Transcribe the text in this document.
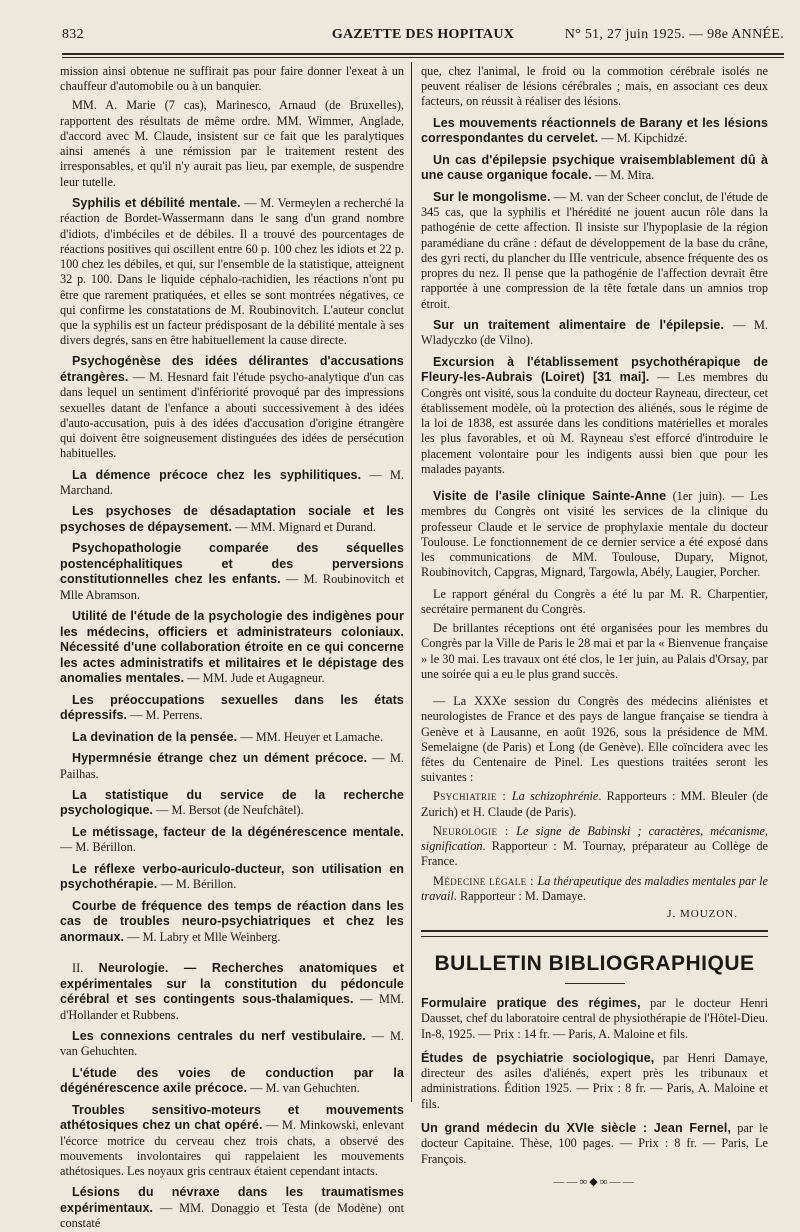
832	GAZETTE DES HOPITAUX	N° 51, 27 juin 1925. — 98e ANNÉE.

mission ainsi obtenue ne suffirait pas pour faire donner l'exeat à un chauffeur d'automobile ou à un banquier.

MM. A. Marie (7 cas), Marinesco, Arnaud (de Bruxelles), rapportent des résultats de même ordre. MM. Wimmer, Anglade, d'accord avec M. Claude, insistent sur ce fait que les paralytiques ainsi amenés à une rémission par le traitement restent des irresponsables, et qu'il n'y aurait pas lieu, par exemple, de suspendre leur tutelle.

Syphilis et débilité mentale. — M. Vermeylen a recherché la réaction de Bordet-Wassermann dans le sang d'un grand nombre d'idiots, d'imbéciles et de débiles. Il a trouvé des pourcentages de réactions positives qui oscillent entre 60 p. 100 chez les idiots et 22 p. 100 chez les débiles, et qui, sur l'ensemble de la statistique, atteignent 32 p. 100. Dans le liquide céphalo-rachidien, les réactions n'ont pu être que rarement pratiquées, et elles se sont montrées négatives, ce qui confirme les constatations de M. Roubinovitch. L'auteur conclut que la syphilis est un facteur prédisposant de la débilité mentale à ses divers degrés, sans en être habituellement la cause directe.

Psychogénèse des idées délirantes d'accusations étrangères. — M. Hesnard fait l'étude psycho-analytique d'un cas dans lequel un sentiment d'infériorité provoqué par des impressions sexuelles datant de l'enfance a abouti successivement à des idées d'auto-accusation, puis à des idées d'accusation d'origine étrangère qui doivent être soigneusement distinguées des idées de persécution habituelles.

La démence précoce chez les syphilitiques. — M. Marchand.

Les psychoses de désadaptation sociale et les psychoses de dépaysement. — MM. Mignard et Durand.

Psychopathologie comparée des séquelles postencéphalitiques et des perversions constitutionnelles chez les enfants. — M. Roubinovitch et Mlle Abramson.

Utilité de l'étude de la psychologie des indigènes pour les médecins, officiers et administrateurs coloniaux. Nécessité d'une collaboration étroite en ce qui concerne les actes administratifs et militaires et le dépistage des anomalies mentales. — MM. Jude et Augagneur.

Les préoccupations sexuelles dans les états dépressifs. — M. Perrens.

La devination de la pensée. — MM. Heuyer et Lamache.

Hypermnésie étrange chez un dément précoce. — M. Pailhas.

La statistique du service de la recherche psychologique. — M. Bersot (de Neufchâtel).

Le métissage, facteur de la dégénérescence mentale. — M. Bérillon.

Le réflexe verbo-auriculo-ducteur, son utilisation en psychothérapie. — M. Bérillon.

Courbe de fréquence des temps de réaction dans les cas de troubles neuro-psychiatriques et chez les anormaux. — M. Labry et Mlle Weinberg.

II. Neurologie. — Recherches anatomiques et expérimentales sur la constitution du pédoncule cérébral et ses contingents sous-thalamiques. — MM. d'Hollander et Rubbens.

Les connexions centrales du nerf vestibulaire. — M. van Gehuchten.

L'étude des voies de conduction par la dégénérescence axile précoce. — M. van Gehuchten.

Troubles sensitivo-moteurs et mouvements athétosiques chez un chat opéré. — M. Minkowski, enlevant l'écorce motrice du cerveau chez trois chats, a observé des mouvements involontaires qui rappelaient les mouvements athétosiques. Les noyaux gris centraux étaient cependant intacts.

Lésions du névraxe dans les traumatismes expérimentaux. — MM. Donaggio et Testa (de Modène) ont constaté

que, chez l'animal, le froid ou la commotion cérébrale isolés ne peuvent réaliser de lésions cérébrales ; mais, en associant ces deux facteurs, on réussit à réaliser des lésions.

Les mouvements réactionnels de Barany et les lésions correspondantes du cervelet. — M. Kipchidzé.

Un cas d'épilepsie psychique vraisemblablement dû à une cause organique focale. — M. Mira.

Sur le mongolisme. — M. van der Scheer conclut, de l'étude de 345 cas, que la syphilis et l'hérédité ne jouent aucun rôle dans la pathogénie de cette affection. Il insiste sur l'hypoplasie de la région paramédiane du crâne : défaut de développement de la base du crâne, des gyri recti, du plancher du IIIe ventricule, absence fréquente des os propres du nez. Il pense que la pathogénie de l'affection devrait être rapportée à une compression de la tête fœtale dans un amnios trop étroit.

Sur un traitement alimentaire de l'épilepsie. — M. Wladyczko (de Vilno).

Excursion à l'établissement psychothérapique de Fleury-les-Aubrais (Loiret) [31 mai]. — Les membres du Congrès ont visité, sous la conduite du docteur Rayneau, directeur, cet établissement modèle, où la protection des aliénés, sous le régime de la loi de 1838, est assurée dans les conditions matérielles et morales les plus favorables, et où M. Rayneau s'est efforcé d'introduire le placement volontaire pour les indigents aussi bien que pour les malades payants.

Visite de l'asile clinique Sainte-Anne (1er juin). — Les membres du Congrès ont visité les services de la clinique du professeur Claude et le service de prophylaxie mentale du docteur Toulouse. Le fonctionnement de ce dernier service a été exposé dans les communications de MM. Toulouse, Dupary, Mignot, Roubinovitch, Capgras, Mignard, Targowla, Abély, Laugier, Porcher.

Le rapport général du Congrès a été lu par M. R. Charpentier, secrétaire permanent du Congrès.

De brillantes réceptions ont été organisées pour les membres du Congrès par la Ville de Paris le 28 mai et par la « Bienvenue française » le 30 mai. Les travaux ont été clos, le 1er juin, au Palais d'Orsay, par une soirée qui a eu le plus grand succès.

— La XXXe session du Congrès des médecins aliénistes et neurologistes de France et des pays de langue française se tiendra à Genève et à Lausanne, en août 1926, sous la présidence de MM. Semelaigne (de Paris) et Long (de Genève). Elle coïncidera avec les fêtes du Centenaire de Pinel. Les questions traitées seront les suivantes :

Psychiatrie : La schizophrénie. Rapporteurs : MM. Bleuler (de Zurich) et H. Claude (de Paris).

Neurologie : Le signe de Babinski ; caractères, mécanisme, signification. Rapporteur : M. Tournay, préparateur au Collège de France.

Médecine légale : La thérapeutique des maladies mentales par le travail. Rapporteur : M. Damaye.

J. MOUZON.

BULLETIN BIBLIOGRAPHIQUE

Formulaire pratique des régimes, par le docteur Henri Dausset, chef du laboratoire central de physiothérapie de l'Hôtel-Dieu. In-8, 1925. — Prix : 14 fr. — Paris, A. Maloine et fils.

Études de psychiatrie sociologique, par Henri Damaye, directeur des asiles d'aliénés, expert près les tribunaux et administrations. Édition 1925. — Prix : 8 fr. — Paris, A. Maloine et fils.

Un grand médecin du XVIe siècle : Jean Fernel, par le docteur Capitaine. Thèse, 100 pages. — Prix : 8 fr. — Paris, Le François.

——∞◆∞——
